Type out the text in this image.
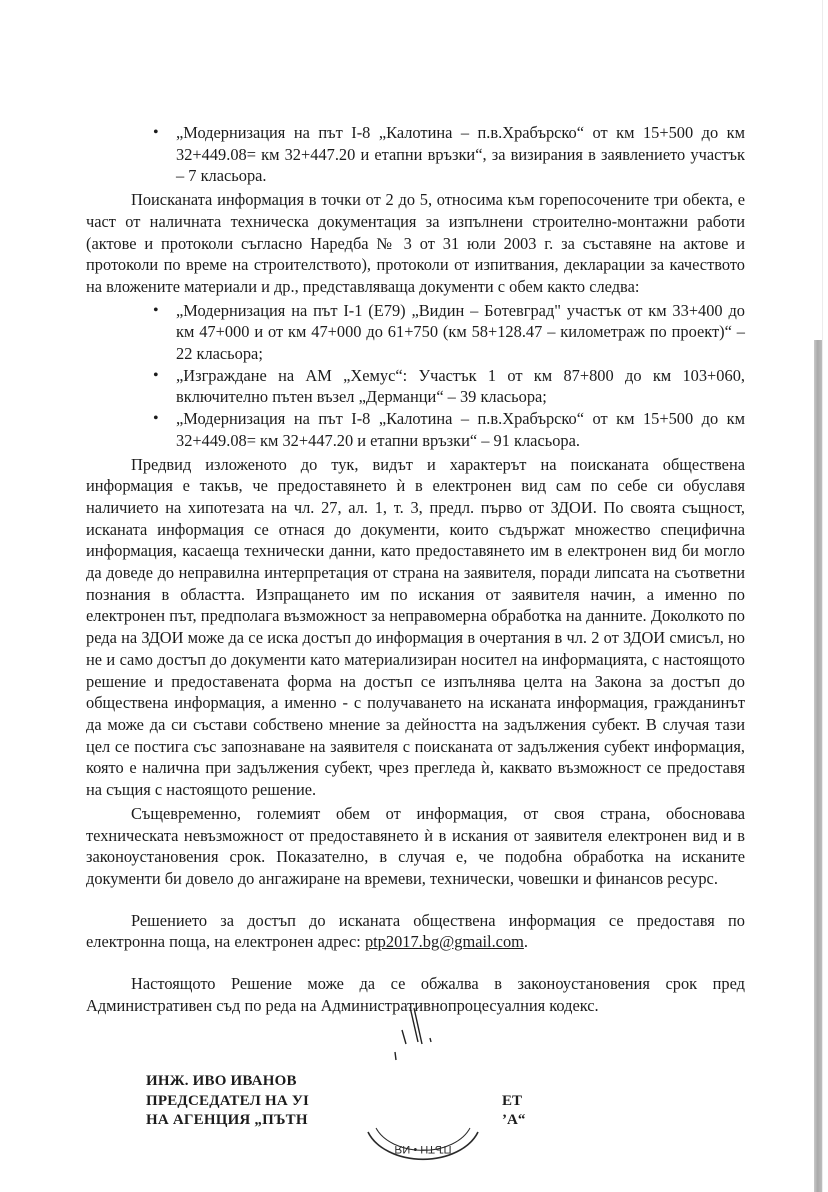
• „Модернизация на път I-8 „Калотина – п.в.Храбърско“ от км 15+500 до км 32+449.08= км 32+447.20 и етапни връзки“, за визирания в заявлението участък – 7 класьора.

Поисканата информация в точки от 2 до 5, относима към горепосочените три обекта, е част от наличната техническа документация за изпълнени строително-монтажни работи (актове и протоколи съгласно Наредба № 3 от 31 юли 2003 г. за съставяне на актове и протоколи по време на строителството), протоколи от изпитвания, декларации за качеството на вложените материали и др., представляваща документи с обем както следва:

• „Модернизация на път I-1 (Е79) „Видин – Ботевград" участък от км 33+400 до км 47+000 и от км 47+000 до 61+750 (км 58+128.47 – километраж по проект)“ – 22 класьора;
• „Изграждане на АМ „Хемус“: Участък 1 от км 87+800 до км 103+060, включително пътен възел „Дерманци“ – 39 класьора;
• „Модернизация на път I-8 „Калотина – п.в.Храбърско“ от км 15+500 до км 32+449.08= км 32+447.20 и етапни връзки“ – 91 класьора.

Предвид изложеното до тук, видът и характерът на поисканата обществена информация е такъв, че предоставянето ѝ в електронен вид сам по себе си обуславя наличието на хипотезата на чл. 27, ал. 1, т. 3, предл. първо от ЗДОИ. По своята същност, исканата информация се отнася до документи, които съдържат множество специфична информация, касаеща технически данни, като предоставянето им в електронен вид би могло да доведе до неправилна интерпретация от страна на заявителя, поради липсата на съответни познания в областта. Изпращането им по искания от заявителя начин, а именно по електронен път, предполага възможност за неправомерна обработка на данните. Доколкото по реда на ЗДОИ може да се иска достъп до информация в очертания в чл. 2 от ЗДОИ смисъл, но не и само достъп до документи като материализиран носител на информацията, с настоящото решение и предоставената форма на достъп се изпълнява целта на Закона за достъп до обществена информация, а именно - с получаването на исканата информация, гражданинът да може да си състави собствено мнение за дейността на задължения субект. В случая тази цел се постига със запознаване на заявителя с поисканата от задължения субект информация, която е налична при задължения субект, чрез прегледа ѝ, каквато възможност се предоставя на същия с настоящото решение.

Същевременно, големият обем от информация, от своя страна, обосновава техническата невъзможност от предоставянето ѝ в искания от заявителя електронен вид и в законоустановения срок. Показателно, в случая е, че подобна обработка на исканите документи би довело до ангажиране на времеви, технически, човешки и финансов ресурс.

Решението за достъп до исканата обществена информация се предоставя по електронна поща, на електронен адрес: ptp2017.bg@gmail.com.

Настоящото Решение може да се обжалва в законоустановения срок пред Административен съд по реда на Административнопроцесуалния кодекс.

ИНЖ. ИВО ИВАНОВ
ПРЕДСЕДАТЕЛ НА УІ
НА АГЕНЦИЯ „ПЪТН
ЕТ
’А“
ПЪТН • ИЯ
